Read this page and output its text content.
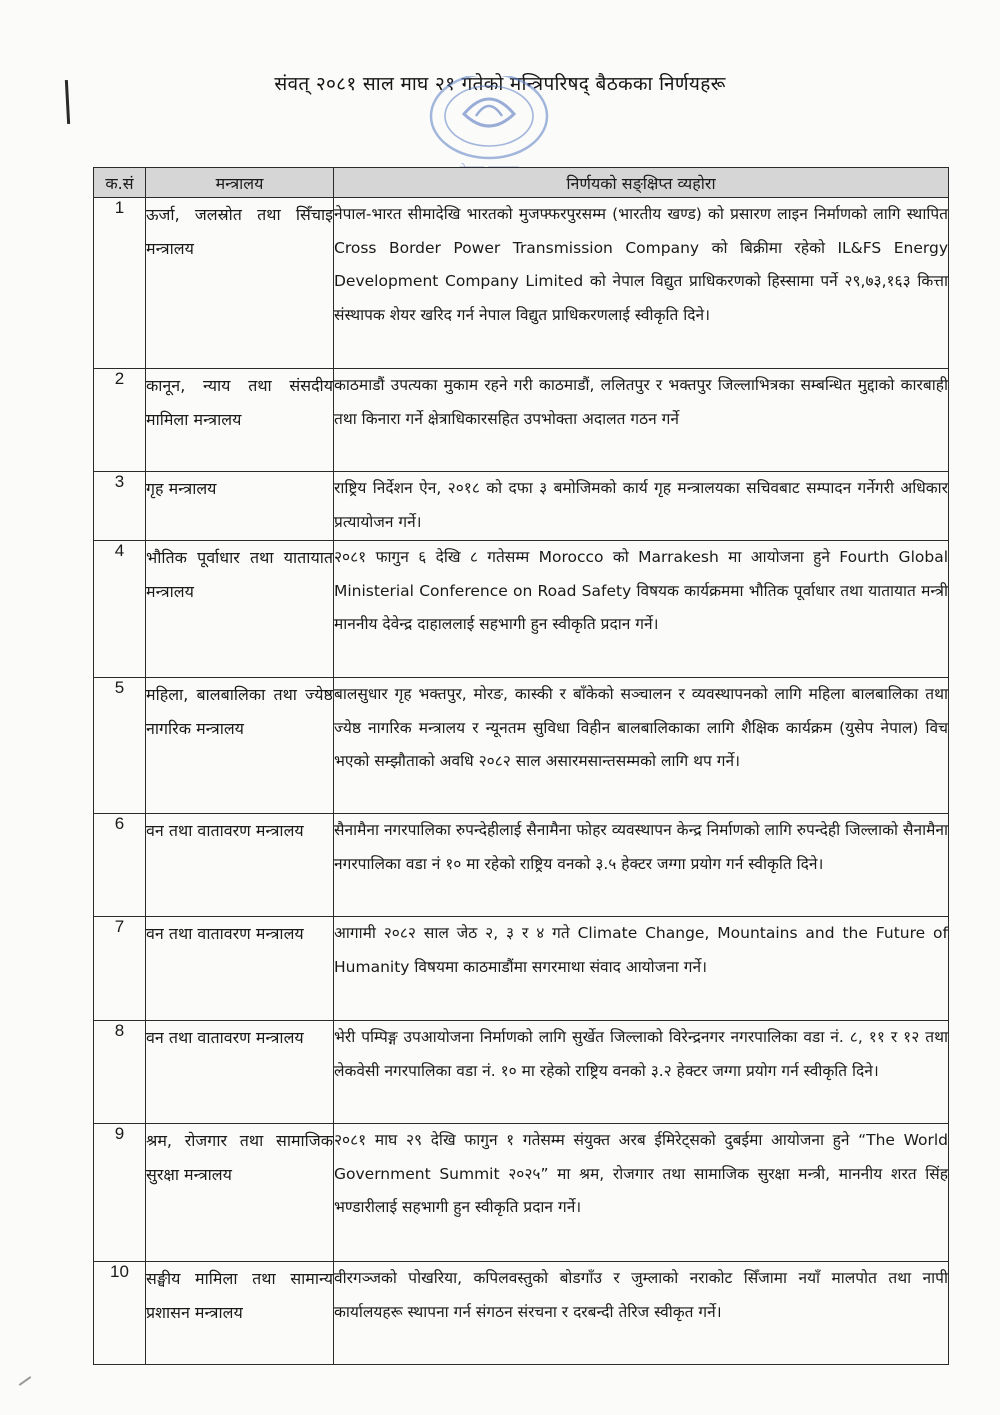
संवत् २०८१ साल माघ २१ गतेको मन्त्रिपरिषद् बैठकका निर्णयहरू
क.सं	मन्त्रालय	निर्णयको सङ्क्षिप्त व्यहोरा
1	ऊर्जा, जलस्रोत तथा सिँचाइ मन्त्रालय	नेपाल-भारत सीमादेखि भारतको मुजफ्फरपुरसम्म (भारतीय खण्ड) को प्रसारण लाइन निर्माणको लागि स्थापित Cross Border Power Transmission Company को बिक्रीमा रहेको IL&FS Energy Development Company Limited को नेपाल विद्युत प्राधिकरणको हिस्सामा पर्ने २९,७३,१६३ कित्ता संस्थापक शेयर खरिद गर्न नेपाल विद्युत प्राधिकरणलाई स्वीकृति दिने।
2	कानून, न्याय तथा संसदीय मामिला मन्त्रालय	काठमाडौं उपत्यका मुकाम रहने गरी काठमाडौं, ललितपुर र भक्तपुर जिल्लाभित्रका सम्बन्धित मुद्दाको कारबाही तथा किनारा गर्ने क्षेत्राधिकारसहित उपभोक्ता अदालत गठन गर्ने
3	गृह मन्त्रालय	राष्ट्रिय निर्देशन ऐन, २०१८ को दफा ३ बमोजिमको कार्य गृह मन्त्रालयका सचिवबाट सम्पादन गर्नेगरी अधिकार प्रत्यायोजन गर्ने।
4	भौतिक पूर्वाधार तथा यातायात मन्त्रालय	२०८१ फागुन ६ देखि ८ गतेसम्म Morocco को Marrakesh मा आयोजना हुने Fourth Global Ministerial Conference on Road Safety विषयक कार्यक्रममा भौतिक पूर्वाधार तथा यातायात मन्त्री माननीय देवेन्द्र दाहाललाई सहभागी हुन स्वीकृति प्रदान गर्ने।
5	महिला, बालबालिका तथा ज्येष्ठ नागरिक मन्त्रालय	बालसुधार गृह भक्तपुर, मोरङ, कास्की र बाँकेको सञ्चालन र व्यवस्थापनको लागि महिला बालबालिका तथा ज्येष्ठ नागरिक मन्त्रालय र न्यूनतम सुविधा विहीन बालबालिकाका लागि शैक्षिक कार्यक्रम (युसेप नेपाल) विच भएको सम्झौताको अवधि २०८२ साल असारमसान्तसम्मको लागि थप गर्ने।
6	वन तथा वातावरण मन्त्रालय	सैनामैना नगरपालिका रुपन्देहीलाई सैनामैना फोहर व्यवस्थापन केन्द्र निर्माणको लागि रुपन्देही जिल्लाको सैनामैना नगरपालिका वडा नं १० मा रहेको राष्ट्रिय वनको ३.५ हेक्टर जग्गा प्रयोग गर्न स्वीकृति दिने।
7	वन तथा वातावरण मन्त्रालय	आगामी २०८२ साल जेठ २, ३ र ४ गते Climate Change, Mountains and the Future of Humanity विषयमा काठमाडौंमा सगरमाथा संवाद आयोजना गर्ने।
8	वन तथा वातावरण मन्त्रालय	भेरी पम्पिङ्ग उपआयोजना निर्माणको लागि सुर्खेत जिल्लाको विरेन्द्रनगर नगरपालिका वडा नं. ८, ११ र १२ तथा लेकवेसी नगरपालिका वडा नं. १० मा रहेको राष्ट्रिय वनको ३.२ हेक्टर जग्गा प्रयोग गर्न स्वीकृति दिने।
9	श्रम, रोजगार तथा सामाजिक सुरक्षा मन्त्रालय	२०८१ माघ २९ देखि फागुन १ गतेसम्म संयुक्त अरब ईमिरेट्सको दुबईमा आयोजना हुने “The World Government Summit २०२५” मा श्रम, रोजगार तथा सामाजिक सुरक्षा मन्त्री, माननीय शरत सिंह भण्डारीलाई सहभागी हुन स्वीकृति प्रदान गर्ने।
10	सङ्घीय मामिला तथा सामान्य प्रशासन मन्त्रालय	वीरगञ्जको पोखरिया, कपिलवस्तुको बोडगाँउ र जुम्लाको नराकोट सिँजामा नयाँ मालपोत तथा नापी कार्यालयहरू स्थापना गर्न संगठन संरचना र दरबन्दी तेरिज स्वीकृत गर्ने।
